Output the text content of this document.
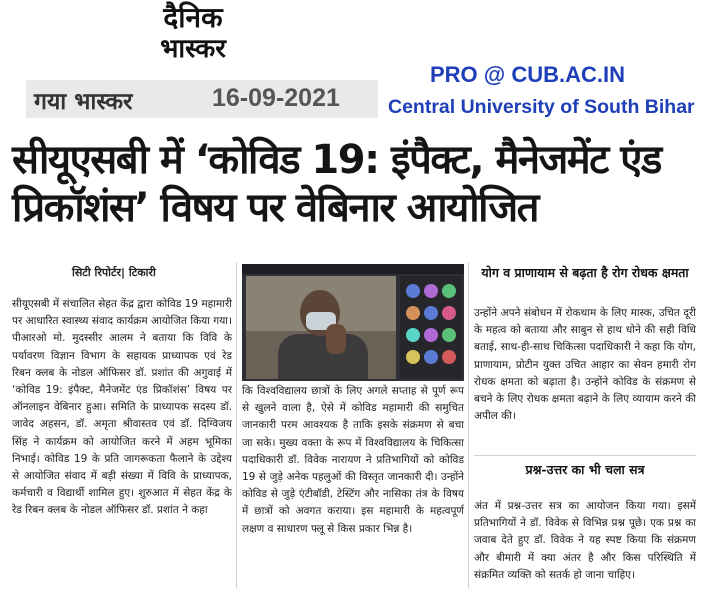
दैनिक
भास्कर
गया भास्कर	16-09-2021
PRO @ CUB.AC.IN
Central University of South Bihar
सीयूएसबी में ‘कोविड 19: इंपैक्ट, मैनेजमेंट एंड प्रिकॉशंस’ विषय पर वेबिनार आयोजित
सिटी रिपोर्टर| टिकारी
सीयूएसबी में संचालित सेहत केंद्र द्वारा कोविड 19 महामारी पर आधारित स्वास्थ्य संवाद कार्यक्रम आयोजित किया गया। पीआरओ मो. मुदस्सीर आलम ने बताया कि विवि के पर्यावरण विज्ञान विभाग के सहायक प्राध्यापक एवं रेड रिबन क्लब के नोडल ऑफिसर डॉ. प्रशांत की अगुवाई में ‘कोविड 19: इंपैक्ट, मैनेजमेंट एंड प्रिकॉशंस’ विषय पर ऑनलाइन वेबिनार हुआ। समिति के प्राध्यापक सदस्य डॉ. जावेद अहसन, डॉ. अमृता श्रीवास्तव एवं डॉ. दिग्विजय सिंह ने कार्यक्रम को आयोजित करने में अहम भूमिका निभाई। कोविड 19 के प्रति जागरूकता फैलाने के उद्देश्य से आयोजित संवाद में बड़ी संख्या में विवि के प्राध्यापक, कर्मचारी व विद्यार्थी शामिल हुए। शुरुआत में सेहत केंद्र के रेड रिबन क्लब के नोडल ऑफिसर डॉ. प्रशांत ने कहा
कि विश्वविद्यालय छात्रों के लिए अगले सप्ताह से पूर्ण रूप से खुलने वाला है, ऐसे में कोविड महामारी की समुचित जानकारी परम आवश्यक है ताकि इसके संक्रमण से बचा जा सके। मुख्य वक्ता के रूप में विश्वविद्यालय के चिकित्सा पदाधिकारी डॉ. विवेक नारायण ने प्रतिभागियों को कोविड 19 से जुड़े अनेक पहलुओं की विस्तृत जानकारी दी। उन्होंने कोविड से जुड़े एंटीबॉडी, टेस्टिंग और नासिका तंत्र के विषय में छात्रों को अवगत कराया। इस महामारी के महत्वपूर्ण लक्षण व साधारण फ्लू से किस प्रकार भिन्न है।
योग व प्राणायाम से बढ़ता है रोग रोधक क्षमता
उन्होंने अपने संबोधन में रोकथाम के लिए मास्क, उचित दूरी के महत्व को बताया और साबुन से हाथ धोने की सही विधि बताई, साथ-ही-साथ चिकित्सा पदाधिकारी ने कहा कि योग, प्राणायाम, प्रोटीन युक्त उचित आहार का सेवन हमारी रोग रोधक क्षमता को बढ़ाता है। उन्होंने कोविड के संक्रमण से बचने के लिए रोधक क्षमता बढ़ाने के लिए व्यायाम करने की अपील की।
प्रश्न-उत्तर का भी चला सत्र
अंत में प्रश्न-उत्तर सत्र का आयोजन किया गया। इसमें प्रतिभागियों ने डॉ. विवेक से विभिन्न प्रश्न पूछे। एक प्रश्न का जवाब देते हुए डॉ. विवेक ने यह स्पष्ट किया कि संक्रमण और बीमारी में क्या अंतर है और किस परिस्थिति में संक्रमित व्यक्ति को सतर्क हो जाना चाहिए।
